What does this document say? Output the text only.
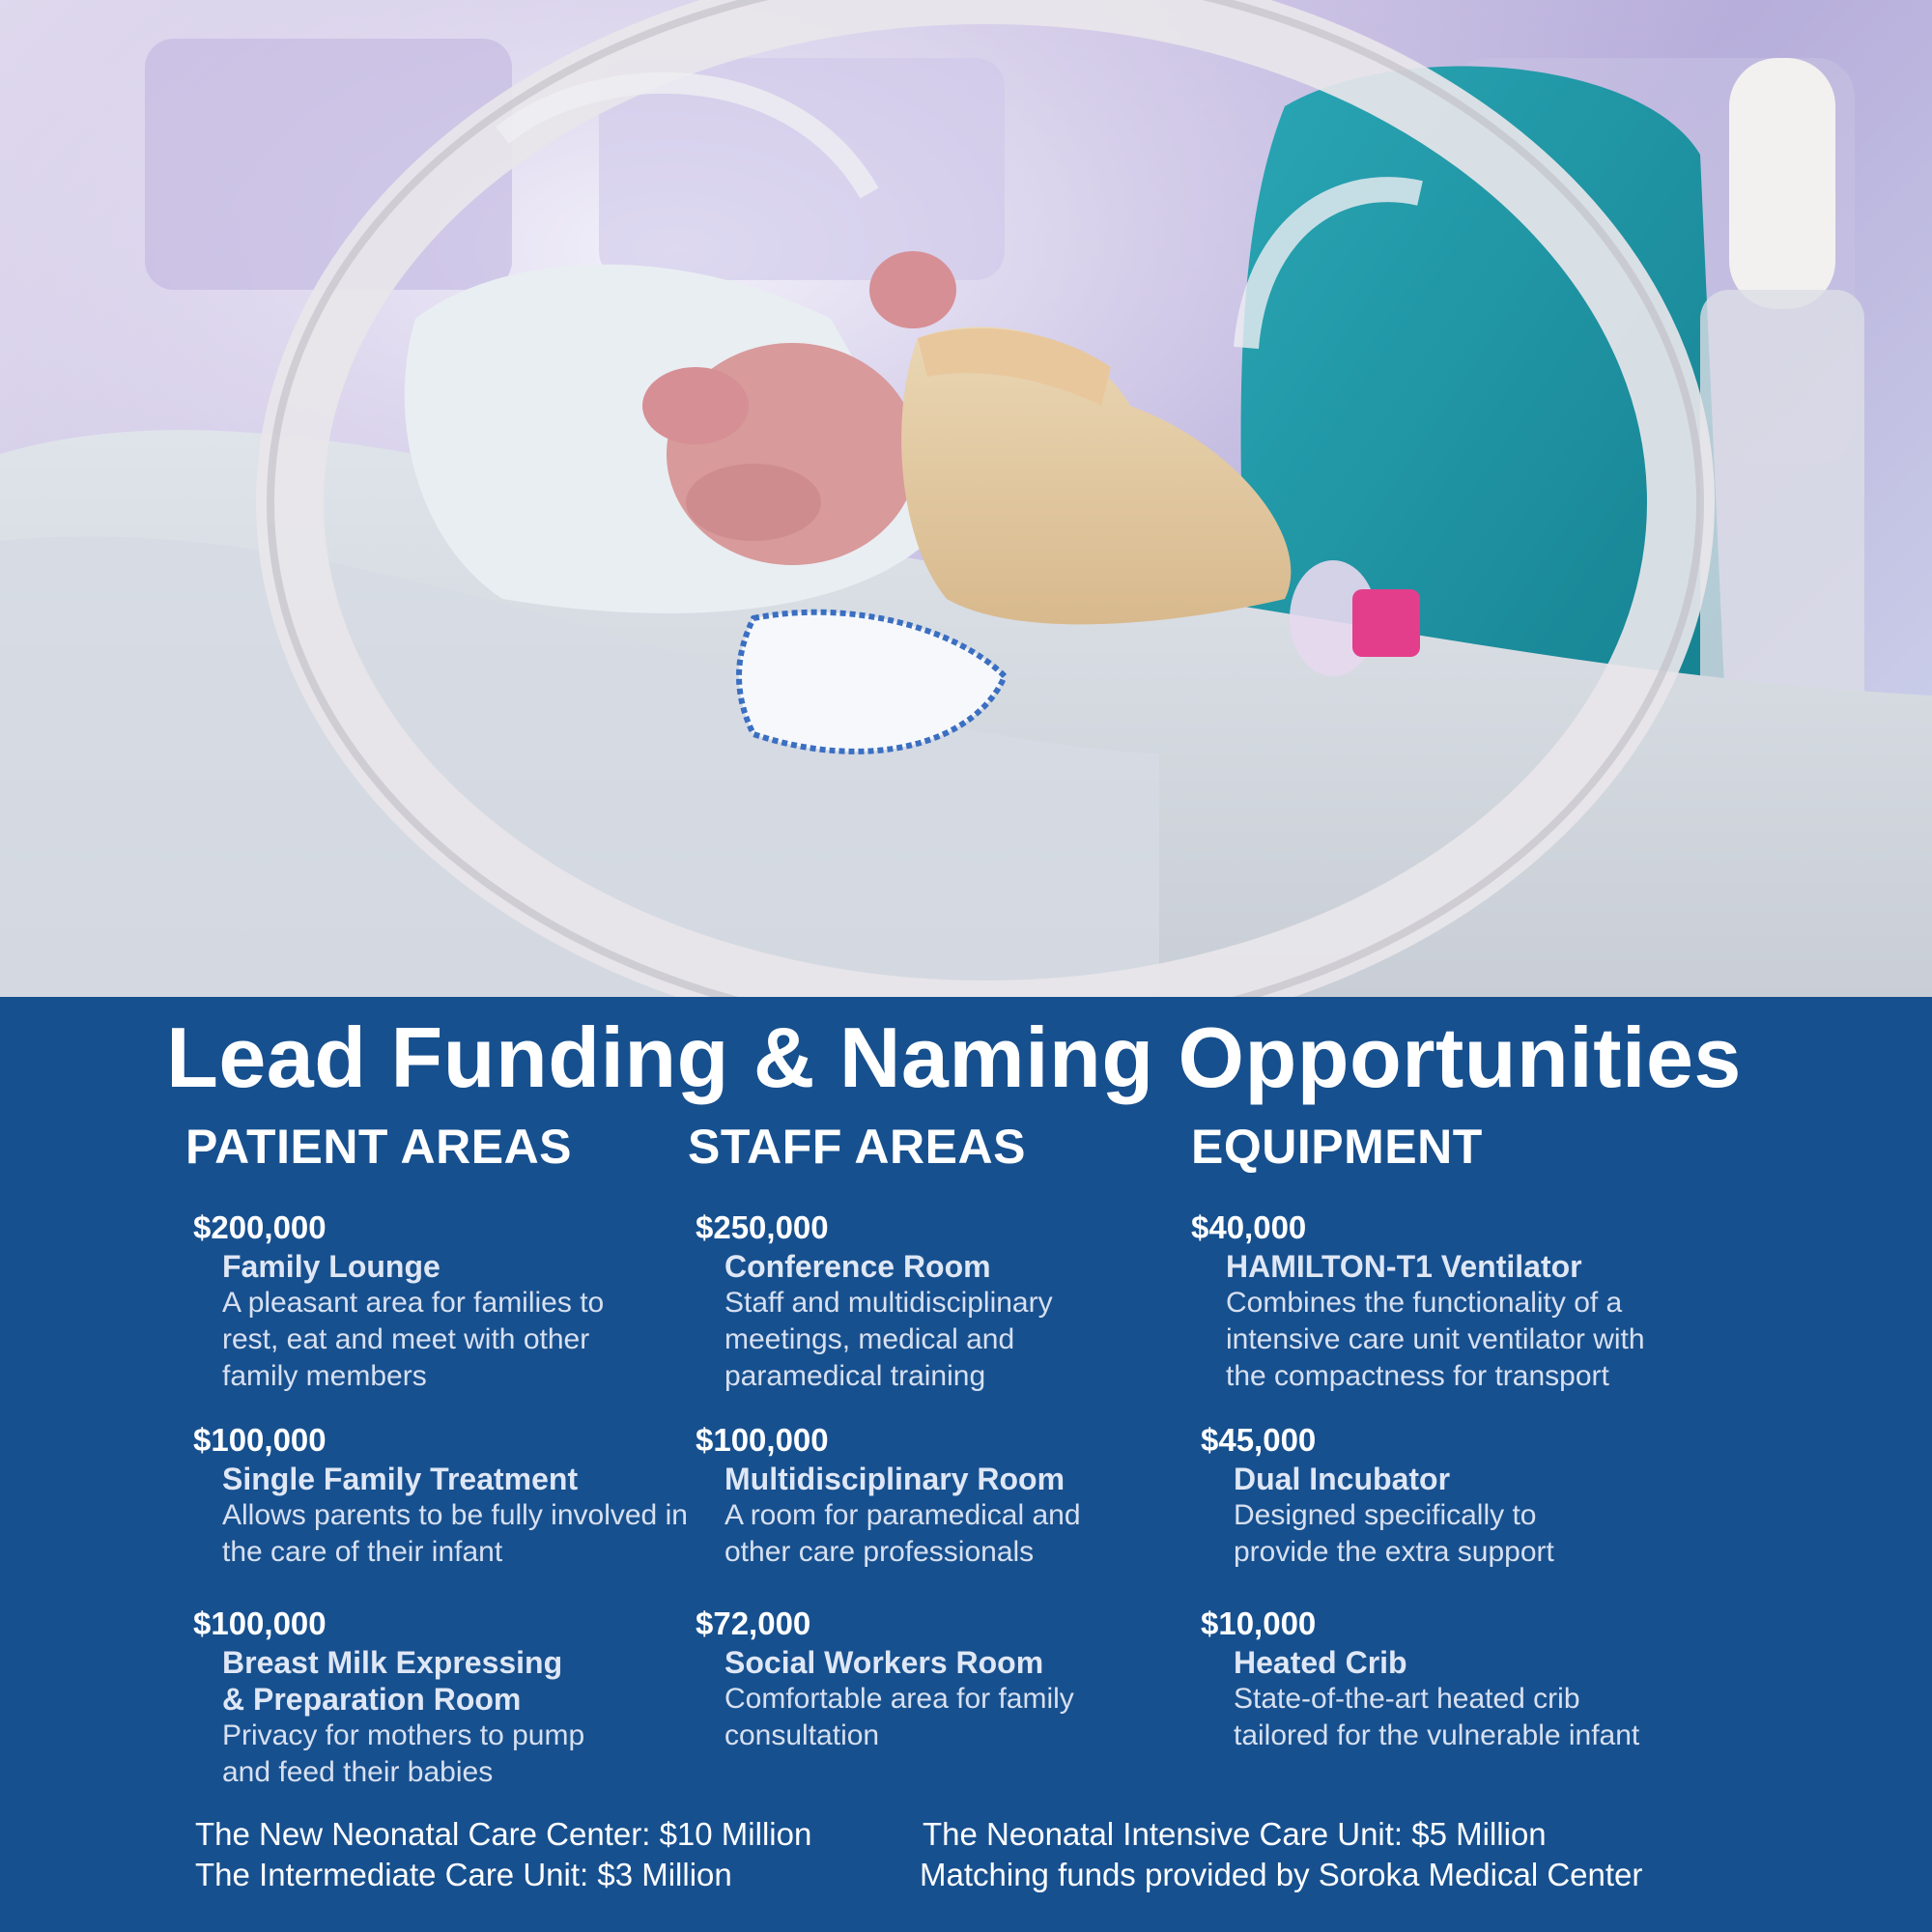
Lead Funding & Naming Opportunities
PATIENT AREAS STAFF AREAS	EQUIPMENT
$200,000
Family Lounge
A pleasant area for families to rest, eat and meet with other family members
$100,000
Single Family Treatment
Allows parents to be fully involved in the care of their infant
$100,000
Breast Milk Expressing & Preparation Room
Privacy for mothers to pump and feed their babies
$250,000
Conference Room
Staff and multidisciplinary meetings, medical and paramedical training
$100,000
Multidisciplinary Room
A room for paramedical and other care professionals
$72,000
Social Workers Room
Comfortable area for family consultation
$40,000
HAMILTON-T1 Ventilator
Combines the functionality of a intensive care unit ventilator with the compactness for transport
$45,000
Dual Incubator
Designed specifically to provide the extra support
$10,000
Heated Crib
State-of-the-art heated crib tailored for the vulnerable infant
The New Neonatal Care Center: $10 Million
The Intermediate Care Unit: $3 Million
The Neonatal Intensive Care Unit: $5 Million
Matching funds provided by Soroka Medical Center
